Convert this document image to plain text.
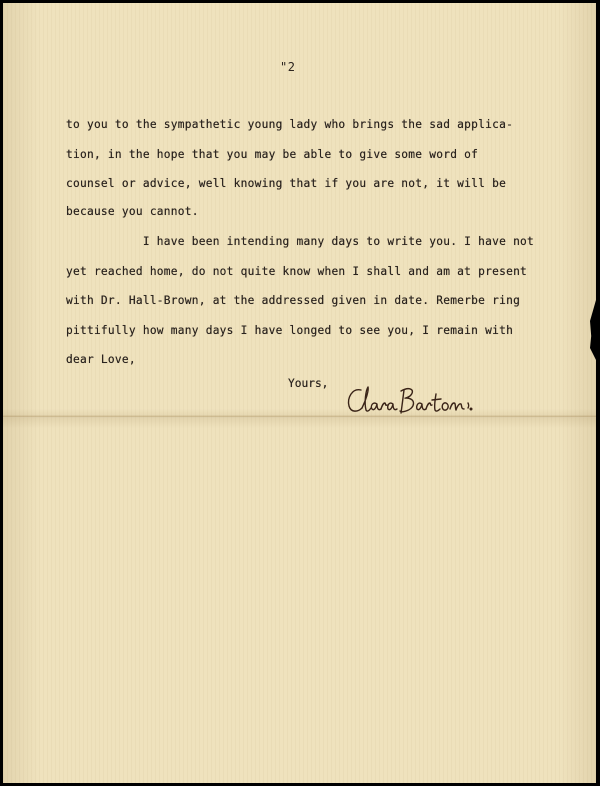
"2
to you to the sympathetic young lady who brings the sad applica-
tion, in the hope that you may be able to give some word of
counsel or advice, well knowing that if you are not, it will be
because you cannot.
I have been intending many days to write you. I have not
yet reached home, do not quite know when I shall and am at present
with Dr. Hall-Brown, at the addressed given in date. Remerbe ring
pittifully how many days I have longed to see you, I remain with
dear Love,
Yours,
